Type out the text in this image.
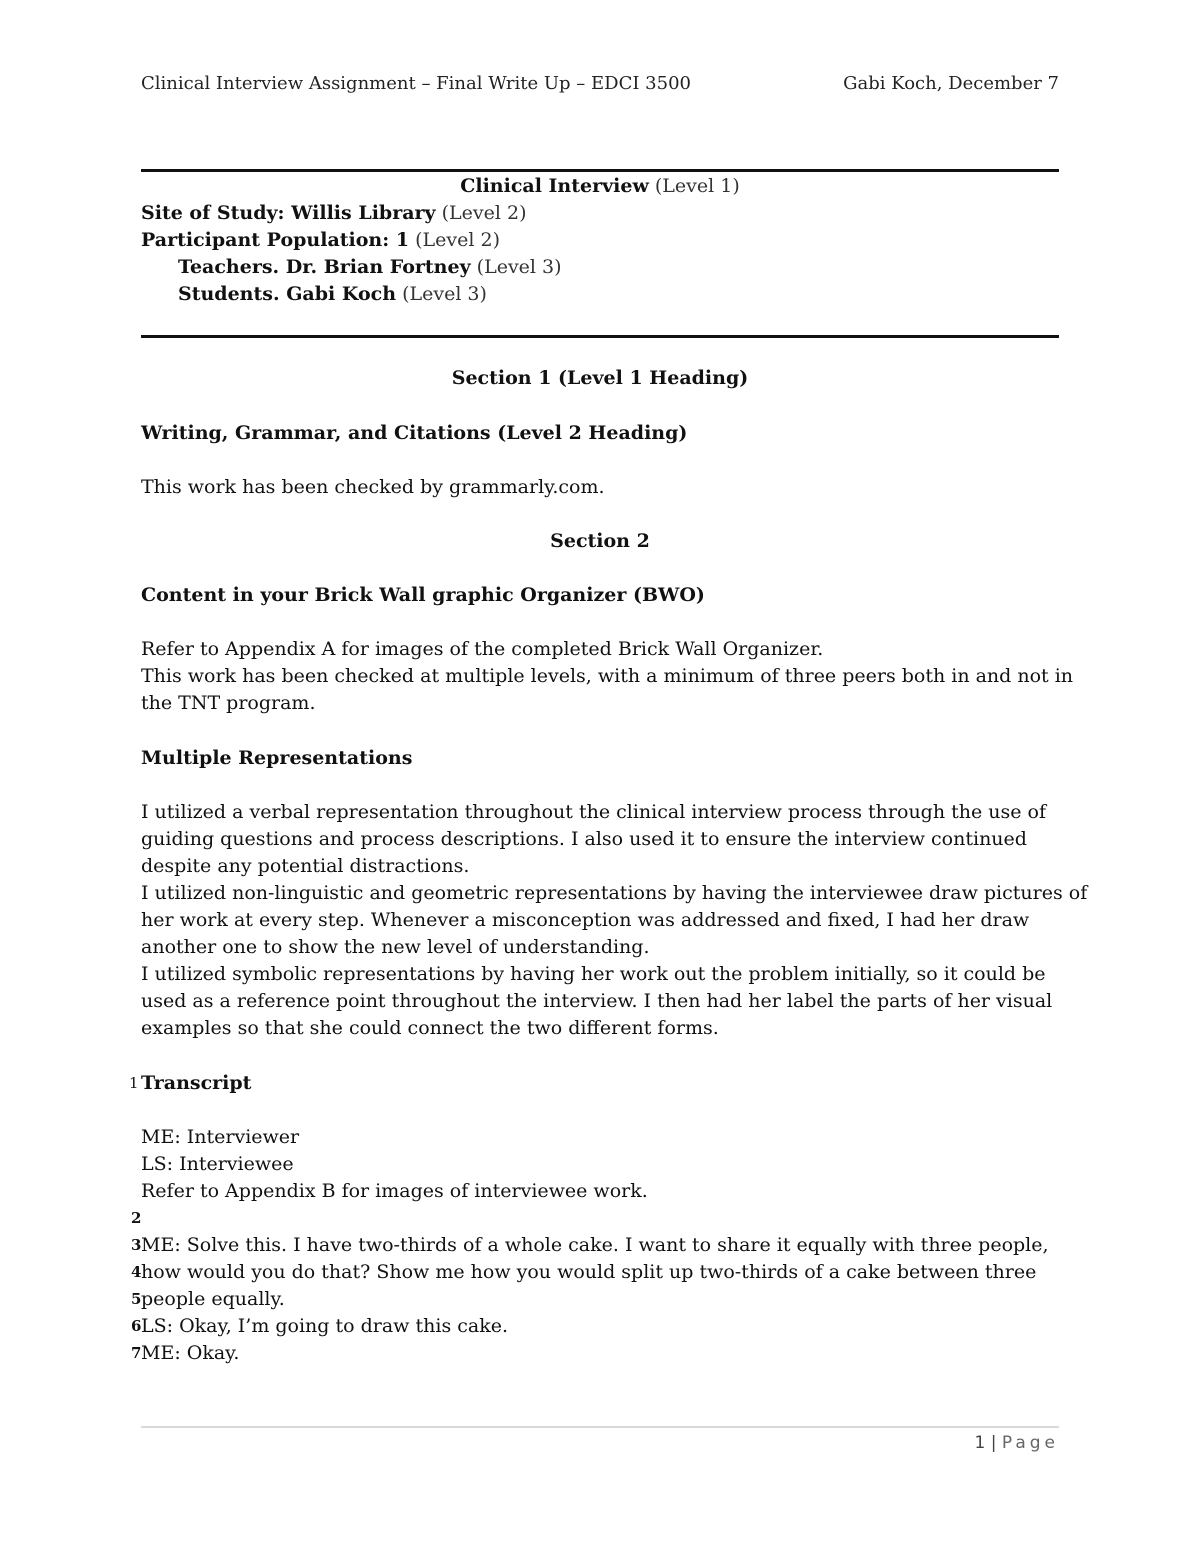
Clinical Interview Assignment – Final Write Up – EDCI 3500	Gabi Koch, December 7
Clinical Interview (Level 1)
Site of Study: Willis Library (Level 2)
Participant Population: 1 (Level 2)
Teachers. Dr. Brian Fortney (Level 3)
Students. Gabi Koch (Level 3)
Section 1 (Level 1 Heading)
Writing, Grammar, and Citations (Level 2 Heading)
This work has been checked by grammarly.com.
Section 2
Content in your Brick Wall graphic Organizer (BWO)
Refer to Appendix A for images of the completed Brick Wall Organizer.
This work has been checked at multiple levels, with a minimum of three peers both in and not in
the TNT program.
Multiple Representations
I utilized a verbal representation throughout the clinical interview process through the use of
guiding questions and process descriptions. I also used it to ensure the interview continued
despite any potential distractions.
I utilized non-linguistic and geometric representations by having the interviewee draw pictures of
her work at every step. Whenever a misconception was addressed and fixed, I had her draw
another one to show the new level of understanding.
I utilized symbolic representations by having her work out the problem initially, so it could be
used as a reference point throughout the interview. I then had her label the parts of her visual
examples so that she could connect the two different forms.
1 Transcript
ME: Interviewer
LS: Interviewee
Refer to Appendix B for images of interviewee work.
2
3 ME: Solve this. I have two-thirds of a whole cake. I want to share it equally with three people,
4 how would you do that? Show me how you would split up two-thirds of a cake between three
5 people equally.
6 LS: Okay, I’m going to draw this cake.
7 ME: Okay.
1 | Page
